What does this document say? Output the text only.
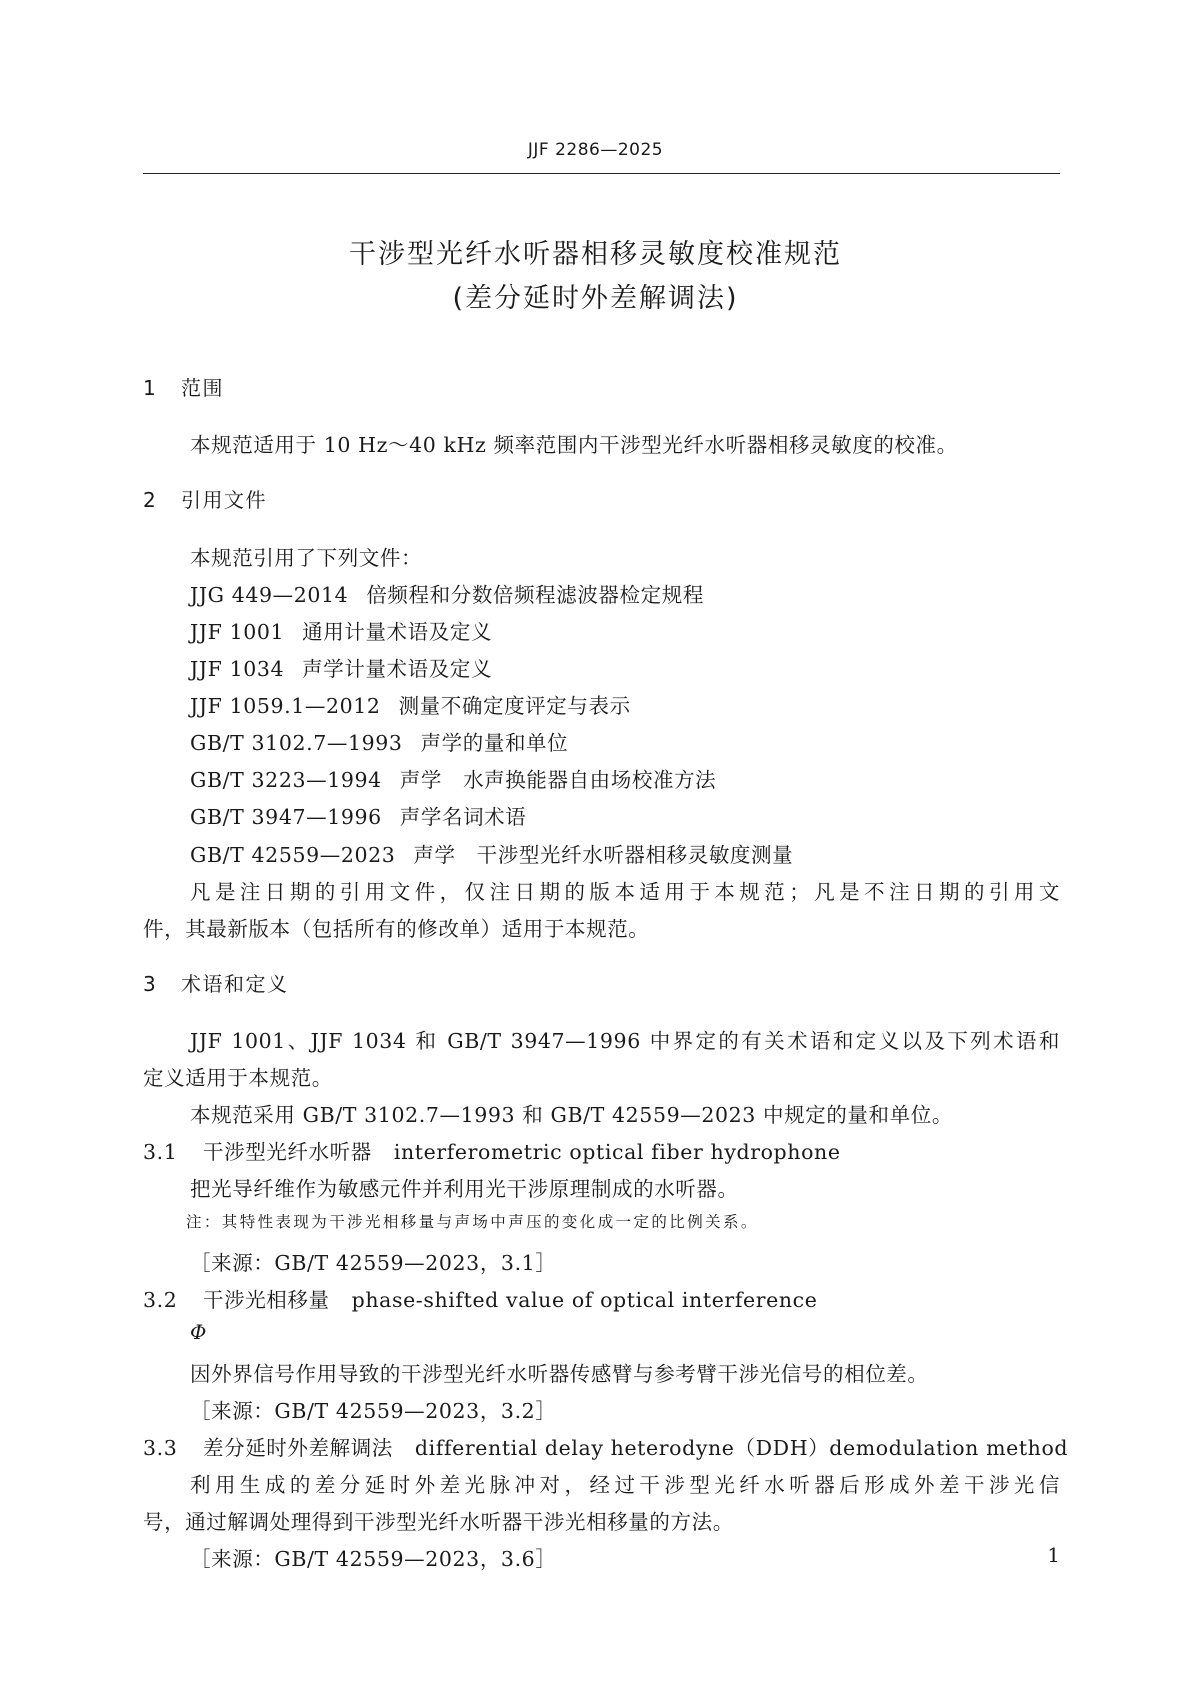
JJF 2286—2025
干涉型光纤水听器相移灵敏度校准规范
(差分延时外差解调法)
1 范围
本规范适用于 10 Hz～40 kHz 频率范围内干涉型光纤水听器相移灵敏度的校准。
2 引用文件
本规范引用了下列文件：
JJG 449—2014 倍频程和分数倍频程滤波器检定规程
JJF 1001 通用计量术语及定义
JJF 1034 声学计量术语及定义
JJF 1059.1—2012 测量不确定度评定与表示
GB/T 3102.7—1993 声学的量和单位
GB/T 3223—1994 声学　水声换能器自由场校准方法
GB/T 3947—1996 声学名词术语
GB/T 42559—2023 声学　干涉型光纤水听器相移灵敏度测量
凡是注日期的引用文件，仅注日期的版本适用于本规范；凡是不注日期的引用文
件，其最新版本（包括所有的修改单）适用于本规范。
3 术语和定义
JJF 1001、JJF 1034 和 GB/T 3947—1996 中界定的有关术语和定义以及下列术语和
定义适用于本规范。
本规范采用 GB/T 3102.7—1993 和 GB/T 42559—2023 中规定的量和单位。
3.1 干涉型光纤水听器 interferometric optical fiber hydrophone
把光导纤维作为敏感元件并利用光干涉原理制成的水听器。
注：其特性表现为干涉光相移量与声场中声压的变化成一定的比例关系。
［来源：GB/T 42559—2023，3.1］
3.2 干涉光相移量 phase-shifted value of optical interference
Φ
因外界信号作用导致的干涉型光纤水听器传感臂与参考臂干涉光信号的相位差。
［来源：GB/T 42559—2023，3.2］
3.3 差分延时外差解调法 differential delay heterodyne（DDH）demodulation method
利用生成的差分延时外差光脉冲对，经过干涉型光纤水听器后形成外差干涉光信
号，通过解调处理得到干涉型光纤水听器干涉光相移量的方法。
［来源：GB/T 42559—2023，3.6］	1
